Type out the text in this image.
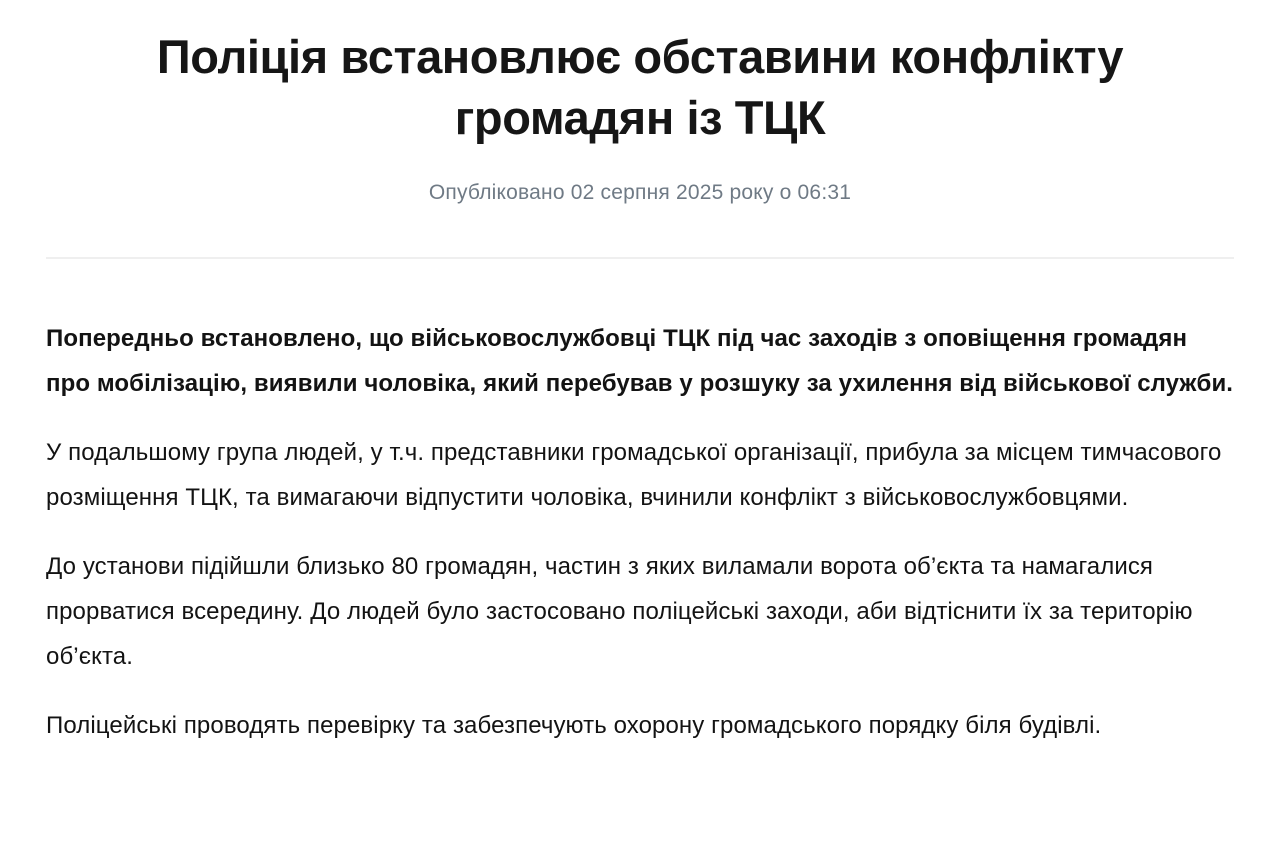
Поліція встановлює обставини конфлікту громадян із ТЦК
Опубліковано 02 серпня 2025 року о 06:31

Попередньо встановлено, що військовослужбовці ТЦК під час заходів з оповіщення громадян про мобілізацію, виявили чоловіка, який перебував у розшуку за ухилення від військової служби.

У подальшому група людей, у т.ч. представники громадської організації, прибула за місцем тимчасового розміщення ТЦК, та вимагаючи відпустити чоловіка, вчинили конфлікт з військовослужбовцями.

До установи підійшли близько 80 громадян, частин з яких виламали ворота об’єкта та намагалися прорватися всередину. До людей було застосовано поліцейські заходи, аби відтіснити їх за територію об’єкта.

Поліцейські проводять перевірку та забезпечують охорону громадського порядку біля будівлі.
